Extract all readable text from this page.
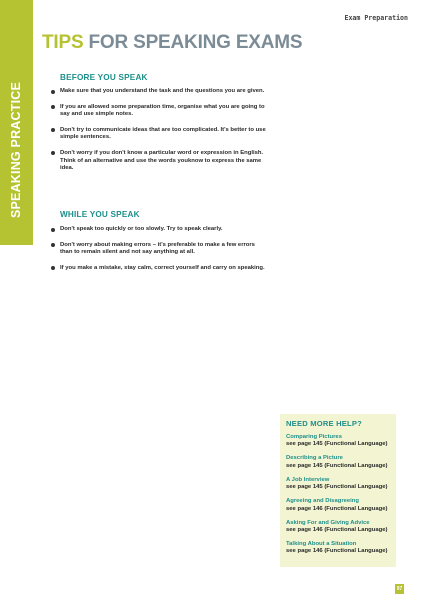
SPEAKING PRACTICE
Exam Preparation
TIPS FOR SPEAKING EXAMS
BEFORE YOU SPEAK
Make sure that you understand the task and the questions you are given.
If you are allowed some preparation time, organise what you are going to say and use simple notes.
Don't try to communicate ideas that are too complicated. It's better to use simple sentences.
Don't worry if you don't know a particular word or expression in English. Think of an alternative and use the words youknow to express the same idea.
WHILE YOU SPEAK
Don't speak too quickly or too slowly. Try to speak clearly.
Don't worry about making errors – it's preferable to make a few errors than to remain silent and not say anything at all.
If you make a mistake, stay calm, correct yourself and carry on speaking.
NEED MORE HELP?
Comparing Pictures
see page 145 (Functional Language)
Describing a Picture
see page 145 (Functional Language)
A Job Interview
see page 145 (Functional Language)
Agreeing and Disagreeing
see page 146 (Functional Language)
Asking For and Giving Advice
see page 146 (Functional Language)
Talking About a Situation
see page 146 (Functional Language)
97
